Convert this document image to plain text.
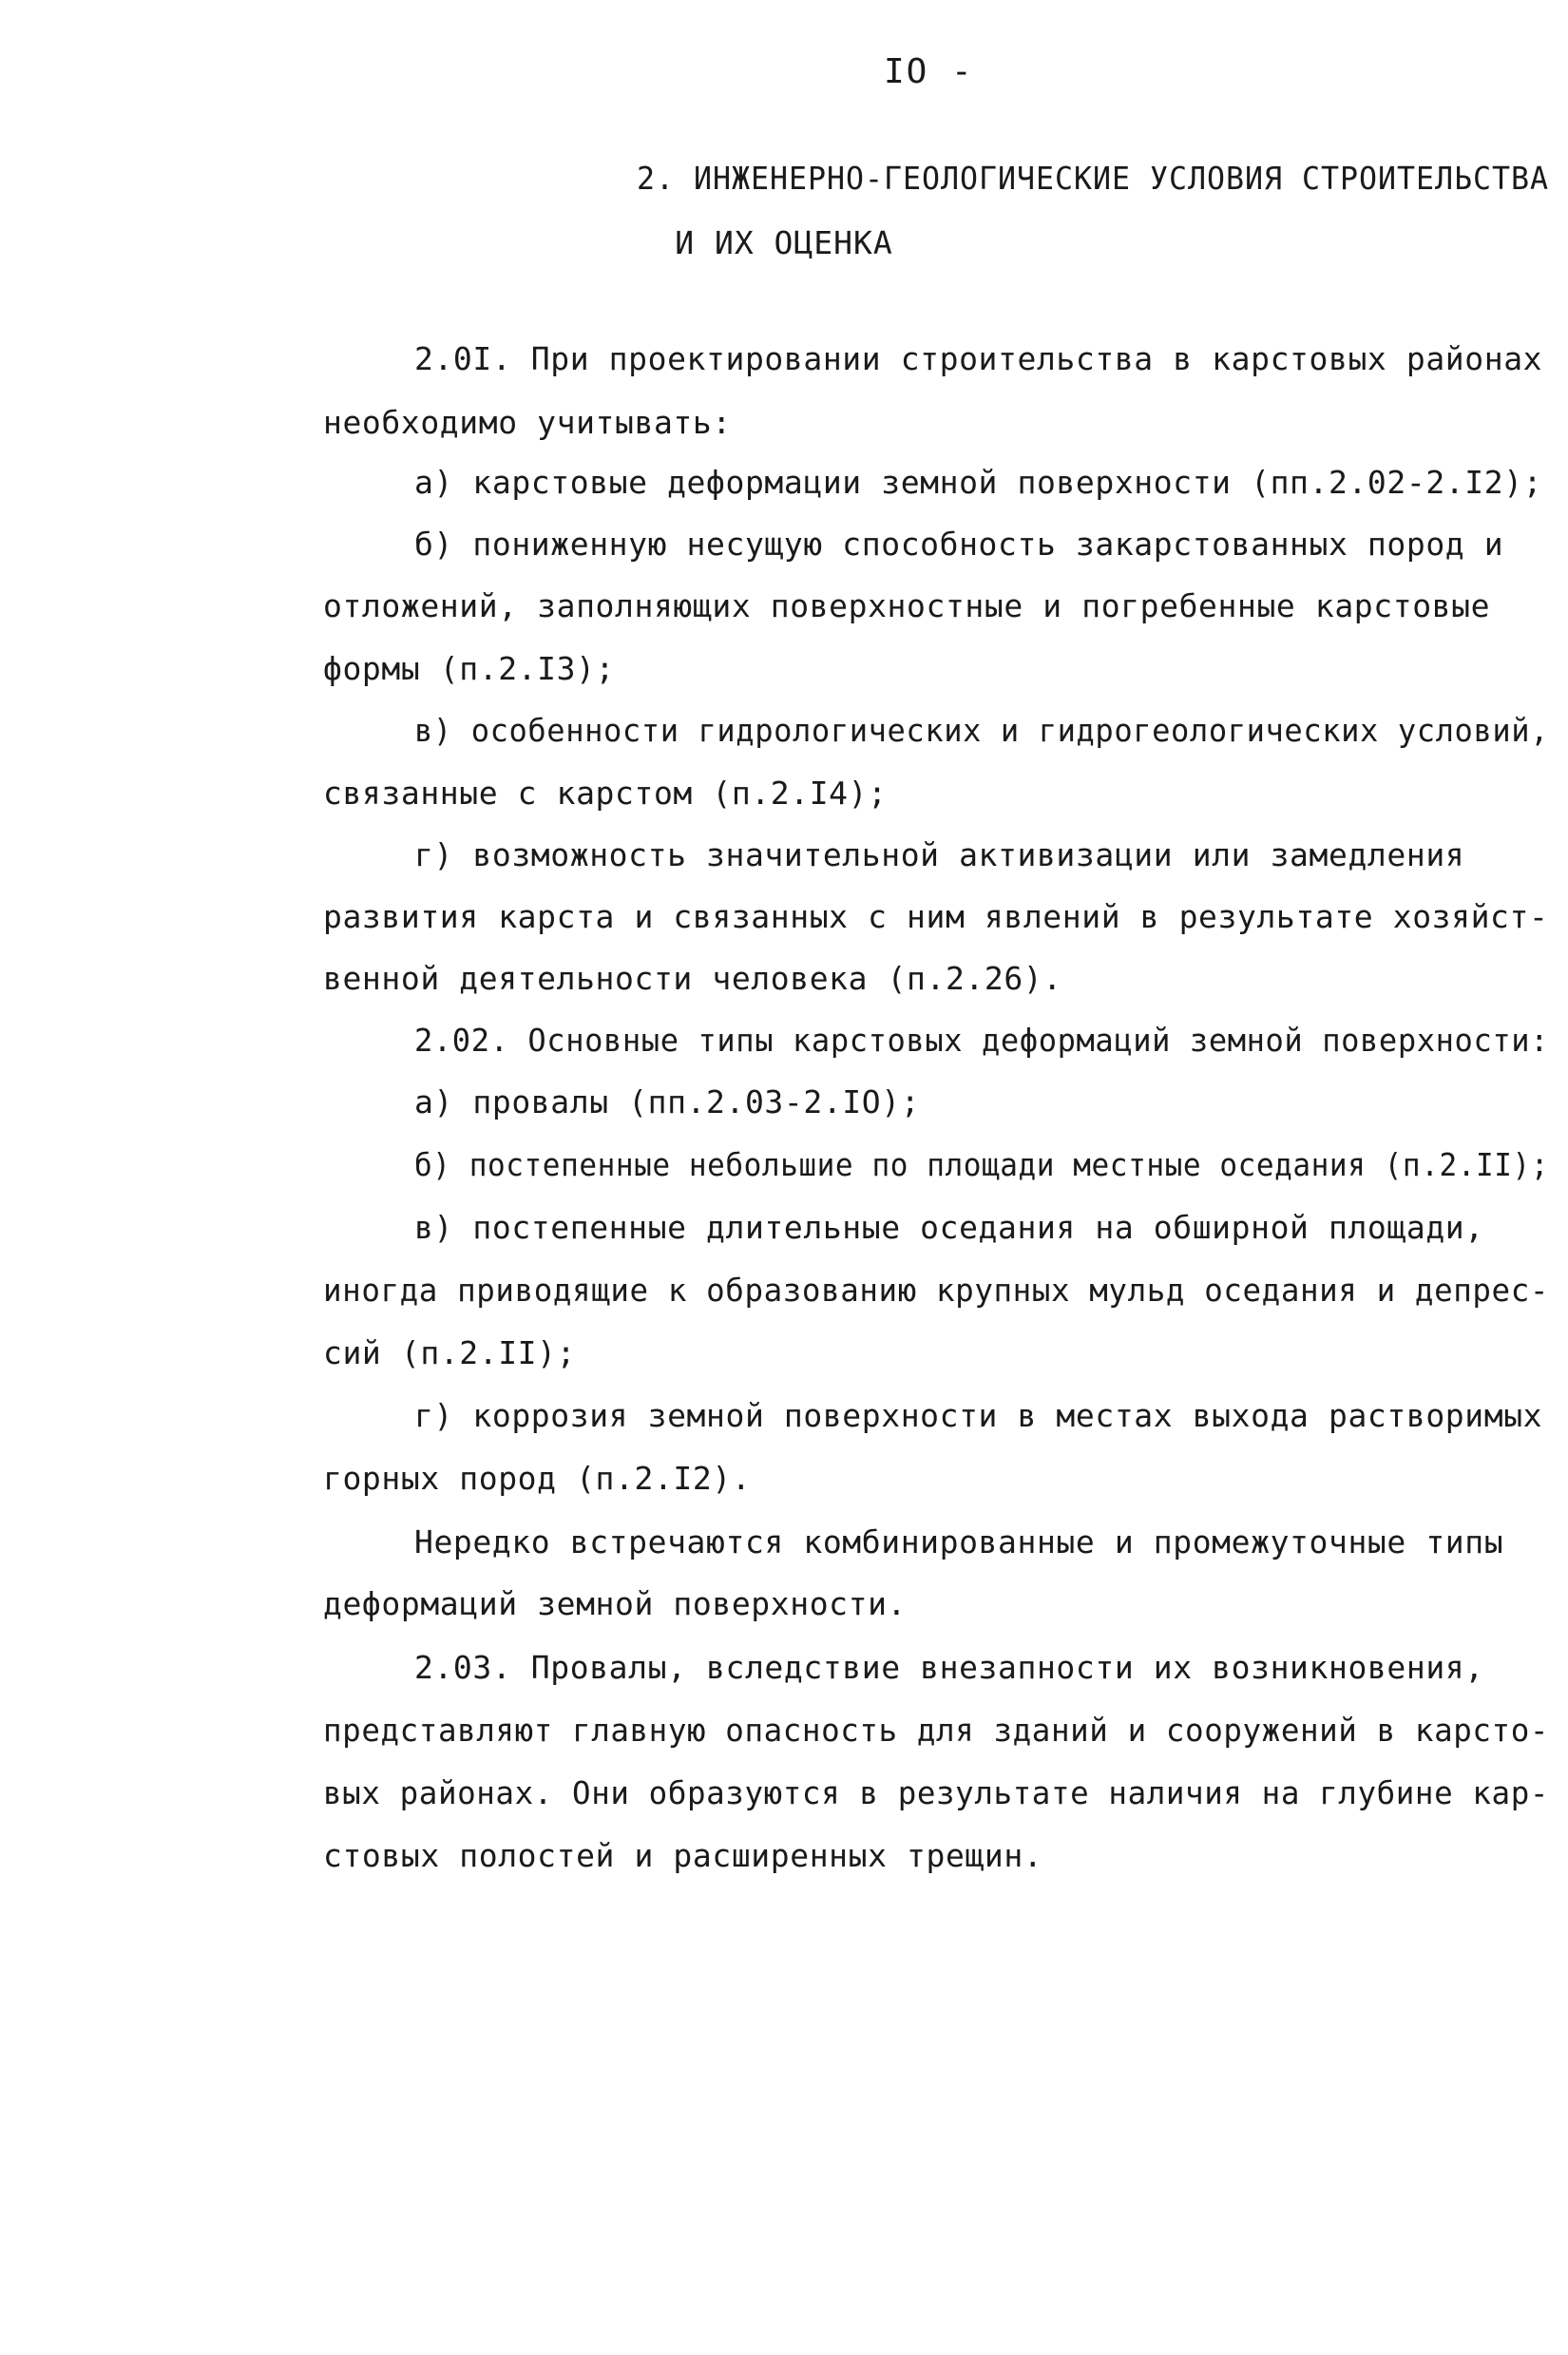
IO -
2. ИНЖЕНЕРНО-ГЕОЛОГИЧЕСКИЕ УСЛОВИЯ СТРОИТЕЛЬСТВА
И ИХ ОЦЕНКА
2.0I. При проектировании строительства в карстовых районах
необходимо учитывать:
а) карстовые деформации земной поверхности (пп.2.02-2.I2);
б) пониженную несущую способность закарстованных пород и
отложений, заполняющих поверхностные и погребенные карстовые
формы (п.2.I3);
в) особенности гидрологических и гидрогеологических условий,
связанные с карстом (п.2.I4);
г) возможность значительной активизации или замедления
развития карста и связанных с ним явлений в результате хозяйст-
венной деятельности человека (п.2.26).
2.02. Основные типы карстовых деформаций земной поверхности:
а) провалы (пп.2.03-2.IO);
б) постепенные небольшие по площади местные оседания (п.2.II);
в) постепенные длительные оседания на обширной площади,
иногда приводящие к образованию крупных мульд оседания и депрес-
сий (п.2.II);
г) коррозия земной поверхности в местах выхода растворимых
горных пород (п.2.I2).
Нередко встречаются комбинированные и промежуточные типы
деформаций земной поверхности.
2.03. Провалы, вследствие внезапности их возникновения,
представляют главную опасность для зданий и сооружений в карсто-
вых районах. Они образуются в результате наличия на глубине кар-
стовых полостей и расширенных трещин.
